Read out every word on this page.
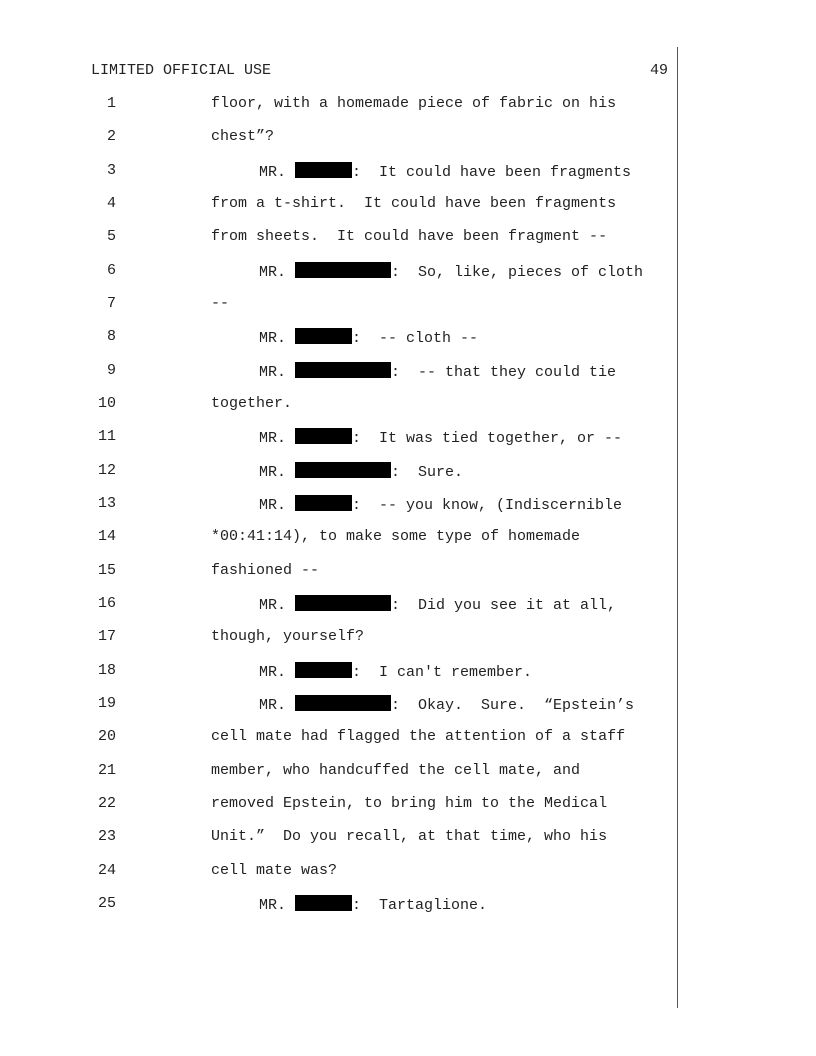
LIMITED OFFICIAL USE	49
1	floor, with a homemade piece of fabric on his
2	chest”?
3	MR.	:  It could have been fragments
4	from a t-shirt.  It could have been fragments
5	from sheets.  It could have been fragment --
6	MR.	:  So, like, pieces of cloth
7	--
8	MR.	:  -- cloth --
9	MR.	:  -- that they could tie
10	together.
11	MR.	:  It was tied together, or --
12	MR.	:  Sure.
13	MR.	:  -- you know, (Indiscernible
14	*00:41:14), to make some type of homemade
15	fashioned --
16	MR.	:  Did you see it at all,
17	though, yourself?
18	MR.	:  I can't remember.
19	MR.	:  Okay.  Sure.  “Epstein’s
20	cell mate had flagged the attention of a staff
21	member, who handcuffed the cell mate, and
22	removed Epstein, to bring him to the Medical
23	Unit.”  Do you recall, at that time, who his
24	cell mate was?
25	MR.	:  Tartaglione.
